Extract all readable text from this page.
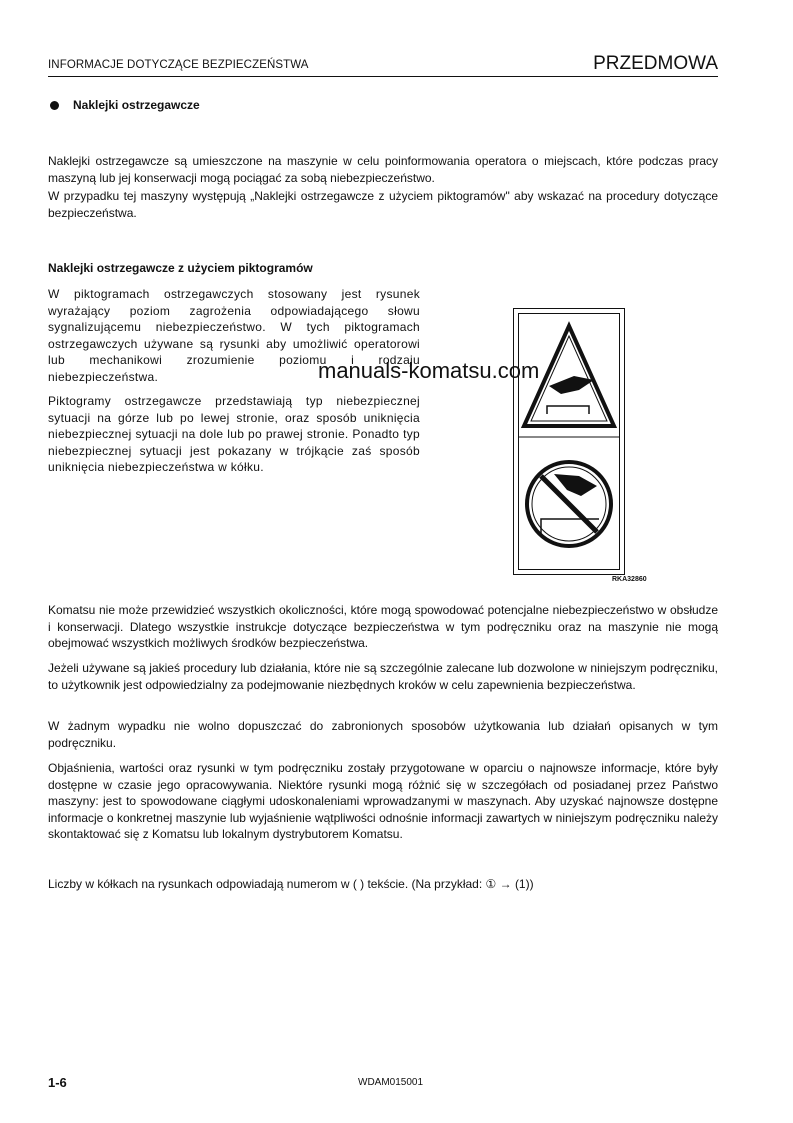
INFORMACJE DOTYCZĄCE BEZPIECZEŃSTWA	PRZEDMOWA
Naklejki ostrzegawcze

Naklejki ostrzegawcze są umieszczone na maszynie w celu poinformowania operatora o miejscach, które podczas pracy maszyną lub jej konserwacji mogą pociągać za sobą niebezpieczeństwo.

W przypadku tej maszyny występują „Naklejki ostrzegawcze z użyciem piktogramów" aby wskazać na procedury dotyczące bezpieczeństwa.

Naklejki ostrzegawcze z użyciem piktogramów

W piktogramach ostrzegawczych stosowany jest rysunek wyrażający poziom zagrożenia odpowiadającego słowu sygnalizującemu niebezpieczeństwo. W tych piktogramach ostrzegawczych używane są rysunki aby umożliwić operatorowi lub mechanikowi zrozumienie poziomu i rodzaju niebezpieczeństwa.

Piktogramy ostrzegawcze przedstawiają typ niebezpiecznej sytuacji na górze lub po lewej stronie, oraz sposób uniknięcia niebezpiecznej sytuacji na dole lub po prawej stronie. Ponadto typ niebezpiecznej sytuacji jest pokazany w trójkącie zaś sposób uniknięcia niebezpieczeństwa w kółku.

RKA32860
manuals-komatsu.com

Komatsu nie może przewidzieć wszystkich okoliczności, które mogą spowodować potencjalne niebezpieczeństwo w obsłudze i konserwacji. Dlatego wszystkie instrukcje dotyczące bezpieczeństwa w tym podręczniku oraz na maszynie nie mogą obejmować wszystkich możliwych środków bezpieczeństwa.

Jeżeli używane są jakieś procedury lub działania, które nie są szczególnie zalecane lub dozwolone w niniejszym podręczniku, to użytkownik jest odpowiedzialny za podejmowanie niezbędnych kroków w celu zapewnienia bezpieczeństwa.

W żadnym wypadku nie wolno dopuszczać do zabronionych sposobów użytkowania lub działań opisanych w tym podręczniku.

Objaśnienia, wartości oraz rysunki w tym podręczniku zostały przygotowane w oparciu o najnowsze informacje, które były dostępne w czasie jego opracowywania. Niektóre rysunki mogą różnić się w szczegółach od posiadanej przez Państwo maszyny: jest to spowodowane ciągłymi udoskonaleniami wprowadzanymi w maszynach. Aby uzyskać najnowsze dostępne informacje o konkretnej maszynie lub wyjaśnienie wątpliwości odnośnie informacji zawartych w niniejszym podręczniku należy skontaktować się z Komatsu lub lokalnym dystrybutorem Komatsu.

Liczby w kółkach na rysunkach odpowiadają numerom w ( ) tekście. (Na przykład: ① → (1))

1-6	WDAM015001
